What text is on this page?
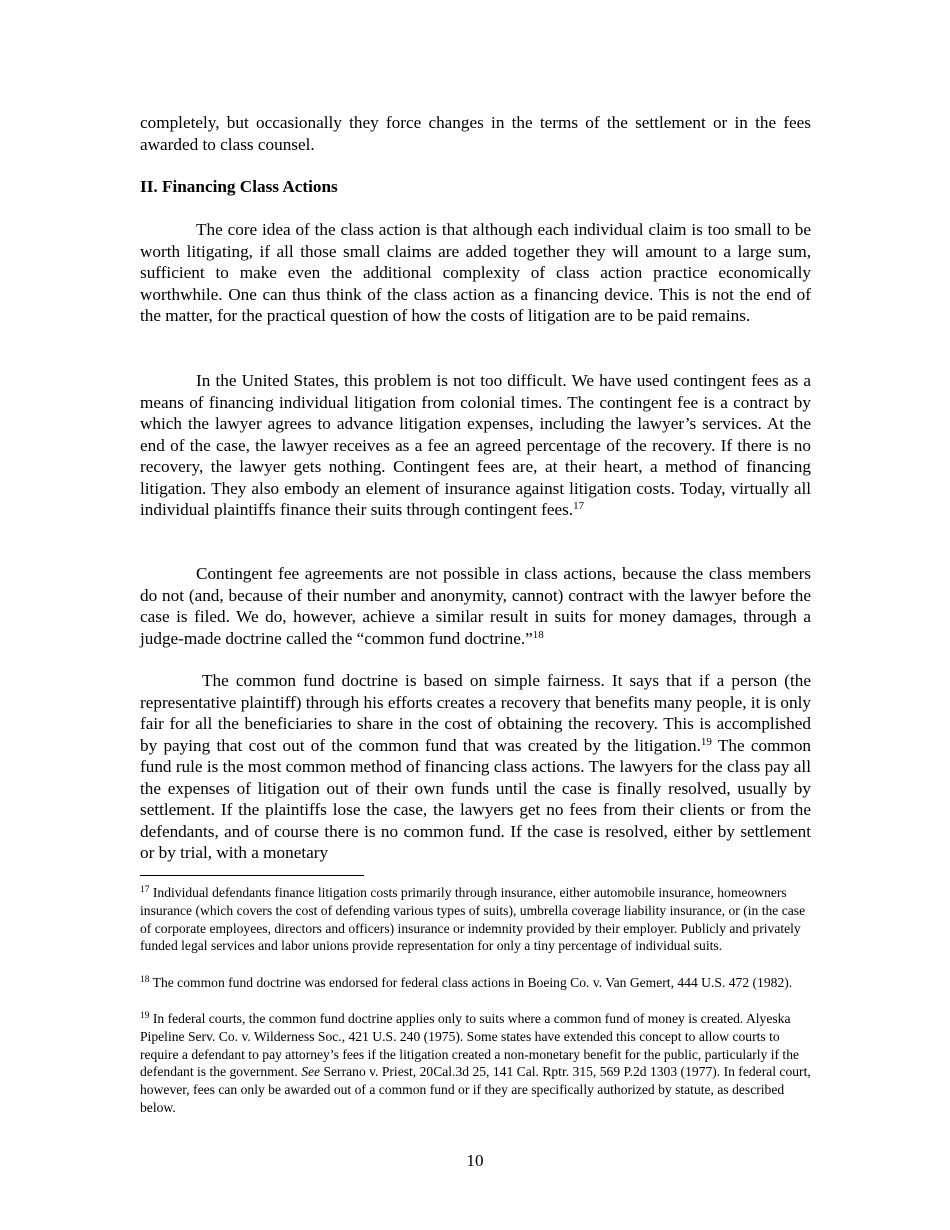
completely, but occasionally they force changes in the terms of the settlement or in the fees awarded to class counsel.
II. Financing Class Actions
The core idea of the class action is that although each individual claim is too small to be worth litigating, if all those small claims are added together they will amount to a large sum, sufficient to make even the additional complexity of class action practice economically worthwhile. One can thus think of the class action as a financing device. This is not the end of the matter, for the practical question of how the costs of litigation are to be paid remains.
In the United States, this problem is not too difficult. We have used contingent fees as a means of financing individual litigation from colonial times. The contingent fee is a contract by which the lawyer agrees to advance litigation expenses, including the lawyer’s services. At the end of the case, the lawyer receives as a fee an agreed percentage of the recovery. If there is no recovery, the lawyer gets nothing. Contingent fees are, at their heart, a method of financing litigation. They also embody an element of insurance against litigation costs. Today, virtually all individual plaintiffs finance their suits through contingent fees.$^{17}$
Contingent fee agreements are not possible in class actions, because the class members do not (and, because of their number and anonymity, cannot) contract with the lawyer before the case is filed. We do, however, achieve a similar result in suits for money damages, through a judge-made doctrine called the “common fund doctrine.”$^{18}$
The common fund doctrine is based on simple fairness. It says that if a person (the representative plaintiff) through his efforts creates a recovery that benefits many people, it is only fair for all the beneficiaries to share in the cost of obtaining the recovery. This is accomplished by paying that cost out of the common fund that was created by the litigation.$^{19}$ The common fund rule is the most common method of financing class actions. The lawyers for the class pay all the expenses of litigation out of their own funds until the case is finally resolved, usually by settlement. If the plaintiffs lose the case, the lawyers get no fees from their clients or from the defendants, and of course there is no common fund. If the case is resolved, either by settlement or by trial, with a monetary
$^{17}$ Individual defendants finance litigation costs primarily through insurance, either automobile insurance, homeowners insurance (which covers the cost of defending various types of suits), umbrella coverage liability insurance, or (in the case of corporate employees, directors and officers) insurance or indemnity provided by their employer. Publicly and privately funded legal services and labor unions provide representation for only a tiny percentage of individual suits.
$^{18}$ The common fund doctrine was endorsed for federal class actions in Boeing Co. v. Van Gemert, 444 U.S. 472 (1982).
$^{19}$ In federal courts, the common fund doctrine applies only to suits where a common fund of money is created. Alyeska Pipeline Serv. Co. v. Wilderness Soc., 421 U.S. 240 (1975). Some states have extended this concept to allow courts to require a defendant to pay attorney’s fees if the litigation created a non-monetary benefit for the public, particularly if the defendant is the government. See Serrano v. Priest, 20Cal.3d 25, 141 Cal. Rptr. 315, 569 P.2d 1303 (1977). In federal court, however, fees can only be awarded out of a common fund or if they are specifically authorized by statute, as described below.
10
